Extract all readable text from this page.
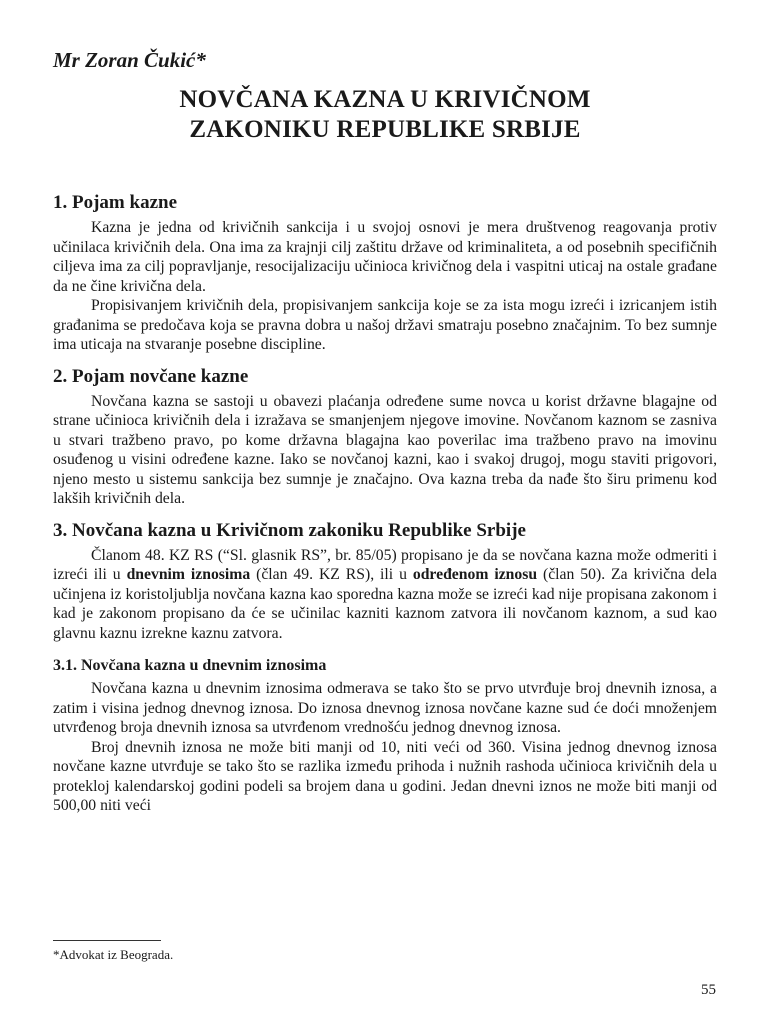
Mr Zoran Čukić*
NOVČANA KAZNA U KRIVIČNOM
ZAKONIKU REPUBLIKE SRBIJE
1. Pojam kazne

Kazna je jedna od krivičnih sankcija i u svojoj osnovi je mera društvenog reagovanja protiv učinilaca krivičnih dela. Ona ima za krajnji cilj zaštitu države od kriminaliteta, a od posebnih specifičnih ciljeva ima za cilj popravljanje, resocijalizaciju učinioca krivičnog dela i vaspitni uticaj na ostale građane da ne čine krivična dela.

Propisivanjem krivičnih dela, propisivanjem sankcija koje se za ista mogu izreći i izricanjem istih građanima se predočava koja se pravna dobra u našoj državi smatraju posebno značajnim. To bez sumnje ima uticaja na stvaranje posebne discipline.

2. Pojam novčane kazne

Novčana kazna se sastoji u obavezi plaćanja određene sume novca u korist državne blagajne od strane učinioca krivičnih dela i izražava se smanjenjem njegove imovine. Novčanom kaznom se zasniva u stvari tražbeno pravo, po kome državna blagajna kao poverilac ima tražbeno pravo na imovinu osuđenog u visini određene kazne. Iako se novčanoj kazni, kao i svakoj drugoj, mogu staviti prigovori, njeno mesto u sistemu sankcija bez sumnje je značajno. Ova kazna treba da nađe što širu primenu kod lakših krivičnih dela.

3. Novčana kazna u Krivičnom zakoniku Republike Srbije

Članom 48. KZ RS (“Sl. glasnik RS”, br. 85/05) propisano je da se novčana kazna može odmeriti i izreći ili u dnevnim iznosima (član 49. KZ RS), ili u određenom iznosu (član 50). Za krivična dela učinjena iz koristoljublja novčana kazna kao sporedna kazna može se izreći kad nije propisana zakonom i kad je zakonom propisano da će se učinilac kazniti kaznom zatvora ili novčanom kaznom, a sud kao glavnu kaznu izrekne kaznu zatvora.

3.1. Novčana kazna u dnevnim iznosima

Novčana kazna u dnevnim iznosima odmerava se tako što se prvo utvrđuje broj dnevnih iznosa, a zatim i visina jednog dnevnog iznosa. Do iznosa dnevnog iznosa novčane kazne sud će doći množenjem utvrđenog broja dnevnih iznosa sa utvrđenom vrednošću jednog dnevnog iznosa.

Broj dnevnih iznosa ne može biti manji od 10, niti veći od 360. Visina jednog dnevnog iznosa novčane kazne utvrđuje se tako što se razlika između prihoda i nužnih rashoda učinioca krivičnih dela u proteklој kalendarskoj godini podeli sa brojem dana u godini. Jedan dnevni iznos ne može biti manji od 500,00 niti veći

*Advokat iz Beograda.

55
